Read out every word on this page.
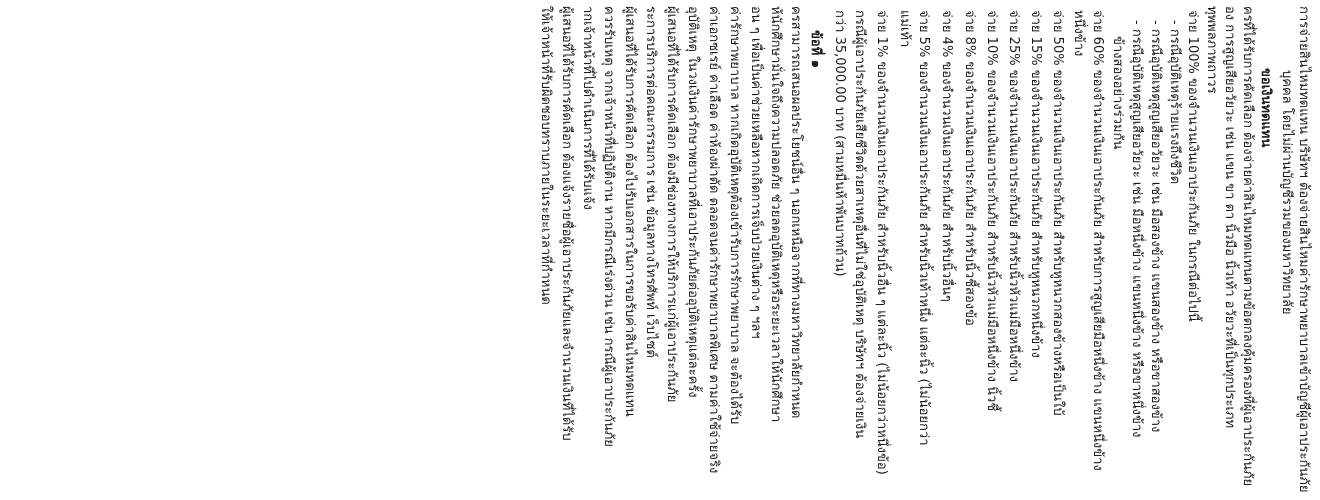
การจ่ายสินไหมทดแทน บริษัทฯ ต้องจ่ายสินไหมค่ารักษาพยาบาลเข้าบัญชีผู้เอาประกันภัย
บุคคล โดยไม่ผ่านบัญชีรวมของมหาวิทยาลัย
ขอเงินทดแทน
ครที่ได้รับการคัดเลือก ต้องจ่ายค่าสินไหมทดแทนตามข้อตกลงคุ้มครองที่ผู้เอาประกันภัย
อง การสูญเสียอวัยวะ เช่น แขน ขา ตา นิ้วมือ นิ้วเท้า อวัยวะที่เป็นทุกประเภท
ทุพพลภาพถาวร
จ่าย 100% ของจำนวนเงินเอาประกันภัย ในกรณีต่อไปนี้
- กรณีอุบัติเหตุร้ายแรงถึงชีวิต
- กรณีอุบัติเหตุสูญเสียอวัยวะ เช่น มือสองข้าง แขนสองข้าง หรือขาสองข้าง
- กรณีอุบัติเหตุสูญเสียอวัยวะ เช่น มือหนึ่งข้าง แขนหนึ่งข้าง หรือขาหนึ่งข้าง
ข้างสองอย่างร่วมกัน
จ่าย 60% ของจำนวนเงินเอาประกันภัย สำหรับการสูญเสียมือหนึ่งข้าง แขนหนึ่งข้าง
หนึ่งข้าง
จ่าย 50% ของจำนวนเงินเอาประกันภัย สำหรับหูหนวกสองข้างหรือเป็นใบ้
จ่าย 15% ของจำนวนเงินเอาประกันภัย สำหรับหูหนวกหนึ่งข้าง
จ่าย 25% ของจำนวนเงินเอาประกันภัย สำหรับนิ้วหัวแม่มือหนึ่งข้าง
จ่าย 10% ของจำนวนเงินเอาประกันภัย สำหรับนิ้วหัวแม่มือหนึ่งข้าง นิ้วชี้
จ่าย 8% ของจำนวนเงินเอาประกันภัย สำหรับนิ้วชี้สองข้อ
จ่าย 4% ของจำนวนเงินเอาประกันภัย สำหรับนิ้วอื่นๆ
จ่าย 5% ของจำนวนเงินเอาประกันภัย สำหรับนิ้วเท้าหนึ่ง แต่ละนิ้ว (ไม่น้อยกว่า
แม่เท้า
จ่าย 1% ของจำนวนเงินเอาประกันภัย สำหรับนิ้วอื่น ๆ แต่ละนิ้ว (ไม่น้อยกว่าหนึ่งข้อ)
กรณีผู้เอาประกันภัยเสียชีวิตด้วยสาเหตุอื่นที่ไม่ใช่อุบัติเหตุ บริษัทฯ ต้องจ่ายเงิน
กว่า 35,000.00 บาท (สามหมื่นห้าพันบาทถ้วน)
ข้อที่ ๑
ครสามารถเสนอผลประโยชน์อื่น ๆ นอกเหนือจากที่ทางมหาวิทยาลัยกำหนด
ห้นักศึกษามั่นใจถึงความปลอดภัย ช่วยลดอุบัติเหตุหรือระยะเวลาให้นักศึกษา
อน ๆ เพื่อเป็นค่าช่วยเหลือหากเกิดการเจ็บป่วยเงินต่าง ๆ ฯลฯ
ค่ารักษาพยาบาล หากเกิดอุบัติเหตุต้องเข้ารับการรักษาพยาบาล จะต้องได้รับ
ค่าเอกซเรย์ ค่าเลือด ค่าห้องผ่าตัด ตลอดจนค่ารักษาพยาบาลพิเศษ ตามค่าใช้จ่ายจริง
อุบัติเหตุ ในวงเงินค่ารักษาพยาบาลที่เอาประกันภัยต่ออุบัติเหตุแต่ละครั้ง
ผู้เสนอที่ได้รับการคัดเลือก ต้องมีช่องทางการให้บริการแก่ผู้เอาประกันภัย
ระการบริการต่อคณะกรรมการ เช่น ข้อมูลทางโทรศัพท์ เว็บไซต์
ผู้เสนอที่ได้รับการคัดเลือก ต้องไปรับเอกสารในการขอรับค่าสินไหมทดแทน
ควรรับเหตุ จากเจ้าหน้าที่ปฏิบัติงาน หากมีกรณีเร่งด่วน เช่น กรณีผู้เอาประกันภัย
ากเจ้าหน้าที่ไปดำเนินการที่ได้รับแจ้ง
ผู้เสนอที่ได้รับการคัดเลือก ต้องแจ้งรายชื่อผู้เอาประกันภัยและจำนวนเงินที่ได้รับ
ให้เจ้าหน้าที่รับผิดชอบทราบภายในระยะเวลาที่กำหนด
